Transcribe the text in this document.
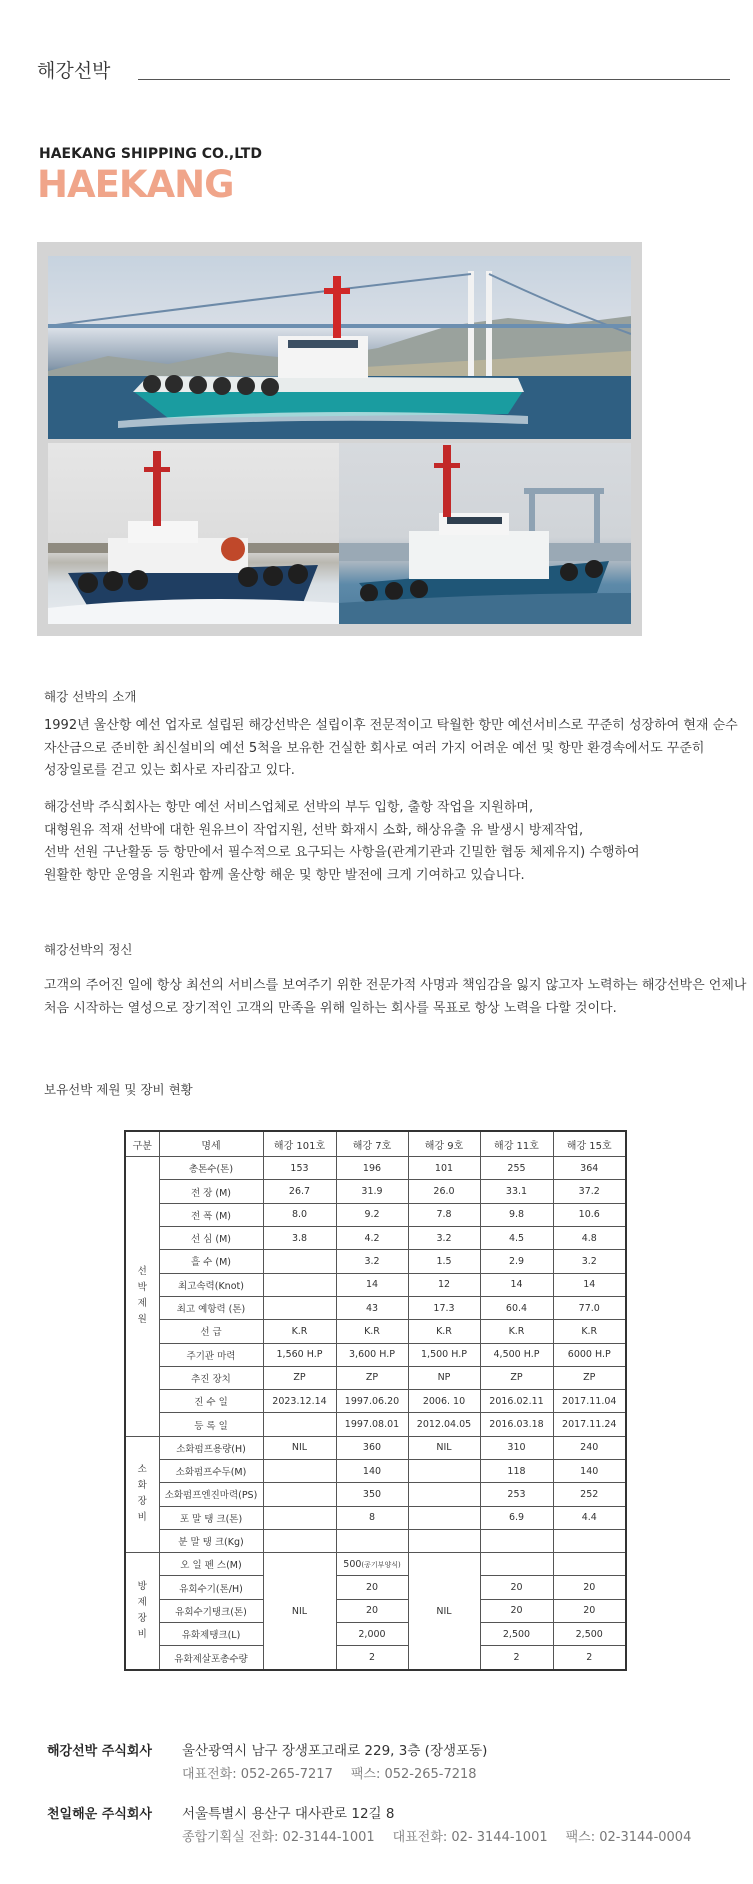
해강선박
HAEKANG SHIPPING CO.,LTD
HAEKANG
해강 선박의 소개
1992년 울산항 예선 업자로 설립된 해강선박은 설립이후 전문적이고 탁월한 항만 예선서비스로 꾸준히 성장하여 현재 순수
자산금으로 준비한 최신설비의 예선 5척을 보유한 건실한 회사로 여러 가지 어려운 예선 및 항만 환경속에서도 꾸준히
성장일로를 걷고 있는 회사로 자리잡고 있다.
해강선박 주식회사는 항만 예선 서비스업체로 선박의 부두 입항, 출항 작업을 지원하며,
대형원유 적재 선박에 대한 원유브이 작업지원, 선박 화재시 소화, 해상유출 유 발생시 방제작업,
선박 선원 구난활동 등 항만에서 필수적으로 요구되는 사항을(관계기관과 긴밀한 협동 체제유지) 수행하여
원활한 항만 운영을 지원과 함께 울산항 해운 및 항만 발전에 크게 기여하고 있습니다.
해강선박의 정신
고객의 주어진 일에 항상 최선의 서비스를 보여주기 위한 전문가적 사명과 책임감을 잃지 않고자 노력하는 해강선박은 언제나
처음 시작하는 열성으로 장기적인 고객의 만족을 위해 일하는 회사를 목표로 항상 노력을 다할 것이다.
보유선박 제원 및 장비 현황
구분	명세	해강 101호	해강 7호	해강 9호	해강 11호	해강 15호
선박제원	총톤수(톤)	153	196	101	255	364
	전 장 (M)	26.7	31.9	26.0	33.1	37.2
	전 폭 (M)	8.0	9.2	7.8	9.8	10.6
	선 심 (M)	3.8	4.2	3.2	4.5	4.8
	흘 수 (M)		3.2	1.5	2.9	3.2
	최고속력(Knot)		14	12	14	14
	최고 예항력 (톤)		43	17.3	60.4	77.0
	선 급	K.R	K.R	K.R	K.R	K.R
	주기관 마력	1,560 H.P	3,600 H.P	1,500 H.P	4,500 H.P	6000 H.P
	추진 장치	ZP	ZP	NP	ZP	ZP
	진 수 일	2023.12.14	1997.06.20	2006. 10	2016.02.11	2017.11.04
	등 록 일		1997.08.01	2012.04.05	2016.03.18	2017.11.24
소화장비	소화펌프용량(H)	NIL	360	NIL	310	240
	소화펌프수두(M)		140		118	140
	소화펌프엔진마력(PS)		350		253	252
	포 말 탱 크(톤)		8		6.9	4.4
	분 말 탱 크(Kg)					
방제장비	오 일 펜 스(M)	NIL	500(공기부양식)	NIL		
	유회수기(톤/H)		20		20	20
	유회수기탱크(톤)		20		20	20
	유화제탱크(L)		2,000		2,500	2,500
	유화제살포총수량		2		2	2
해강선박 주식회사 울산광역시 남구 장생포고래로 229, 3층 (장생포동)
대표전화: 052-265-7217 팩스: 052-265-7218
천일해운 주식회사 서울특별시 용산구 대사관로 12길 8
종합기획실 전화: 02-3144-1001 대표전화: 02- 3144-1001 팩스: 02-3144-0004
